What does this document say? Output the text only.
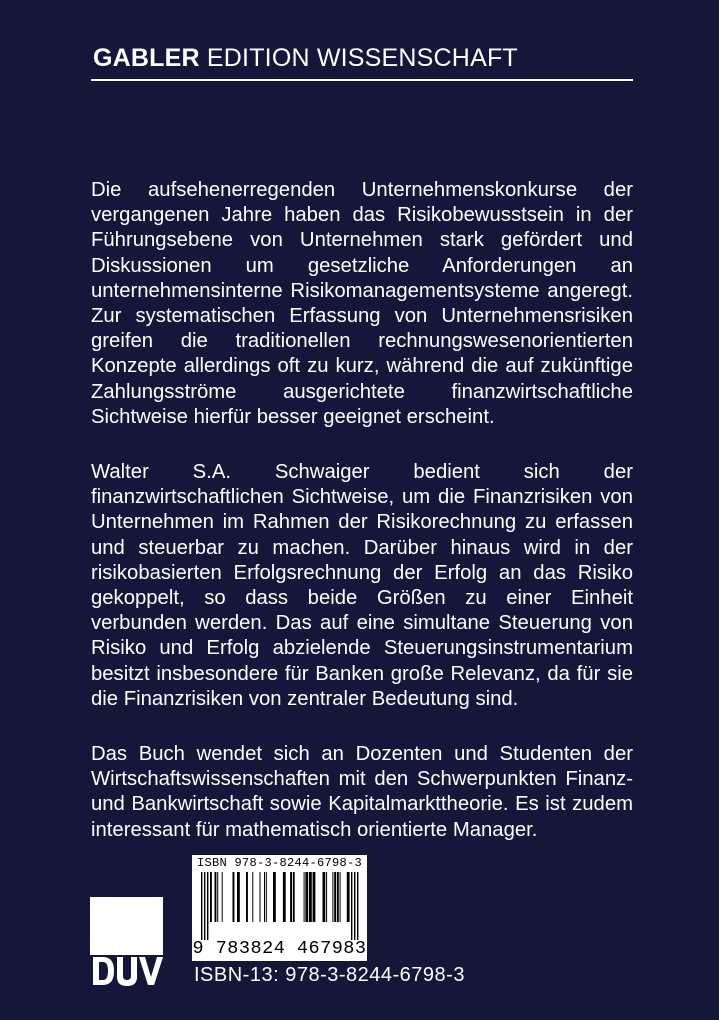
GABLER EDITION WISSENSCHAFT

Die aufsehenerregenden Unternehmenskonkurse der vergangenen Jahre haben das Risikobewusstsein in der Führungsebene von Unternehmen stark gefördert und Diskussionen um gesetzliche Anforderungen an unternehmensinterne Risikomanagementsysteme angeregt. Zur systematischen Erfassung von Unternehmensrisiken greifen die traditionellen rechnungswesenorientierten Konzepte allerdings oft zu kurz, während die auf zukünftige Zahlungsströme ausgerichtete finanzwirtschaftliche Sichtweise hierfür besser geeignet erscheint.

Walter S.A. Schwaiger bedient sich der finanzwirtschaftlichen Sichtweise, um die Finanzrisiken von Unternehmen im Rahmen der Risikorechnung zu erfassen und steuerbar zu machen. Darüber hinaus wird in der risikobasierten Erfolgsrechnung der Erfolg an das Risiko gekoppelt, so dass beide Größen zu einer Einheit verbunden werden. Das auf eine simultane Steuerung von Risiko und Erfolg abzielende Steuerungsinstrumentarium besitzt insbesondere für Banken große Relevanz, da für sie die Finanzrisiken von zentraler Bedeutung sind.

Das Buch wendet sich an Dozenten und Studenten der Wirtschaftswissenschaften mit den Schwerpunkten Finanz- und Bankwirtschaft sowie Kapitalmarkttheorie. Es ist zudem interessant für mathematisch orientierte Manager.

ISBN 978-3-8244-6798-3
9 783824 467983
ISBN-13: 978-3-8244-6798-3
